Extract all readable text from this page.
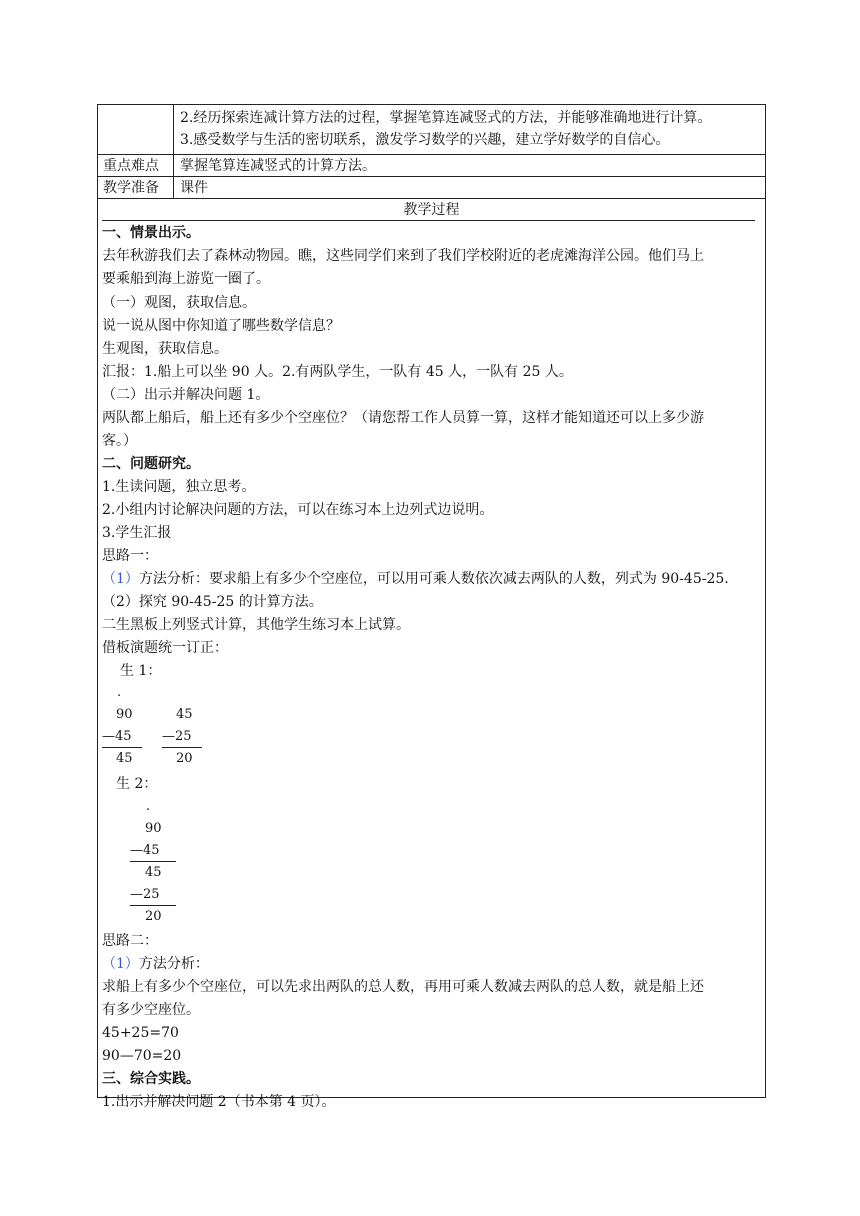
2.经历探索连减计算方法的过程，掌握笔算连减竖式的方法，并能够准确地进行计算。
3.感受数学与生活的密切联系，激发学习数学的兴趣，建立学好数学的自信心。
重点难点	掌握笔算连减竖式的计算方法。
教学准备	课件
教学过程
一、情景出示。
去年秋游我们去了森林动物园。瞧，这些同学们来到了我们学校附近的老虎滩海洋公园。他们马上
要乘船到海上游览一圈了。
（一）观图，获取信息。
说一说从图中你知道了哪些数学信息？
生观图，获取信息。
汇报：1.船上可以坐 90 人。2.有两队学生，一队有 45 人，一队有 25 人。
（二）出示并解决问题 1。
两队都上船后，船上还有多少个空座位？（请您帮工作人员算一算，这样才能知道还可以上多少游
客。）
二、问题研究。
1.生读问题，独立思考。
2.小组内讨论解决问题的方法，可以在练习本上边列式边说明。
3.学生汇报
思路一：
（1）方法分析：要求船上有多少个空座位，可以用可乘人数依次减去两队的人数，列式为 90-45-25.
（2）探究 90-45-25 的计算方法。
二生黑板上列竖式计算，其他学生练习本上试算。
借板演题统一订正：
生 1：
.
90
—45
45
45
—25
20
生 2：
.
90
—45
45
—25
20
思路二：
（1）方法分析：
求船上有多少个空座位，可以先求出两队的总人数，再用可乘人数减去两队的总人数，就是船上还
有多少空座位。
45+25=70
90—70=20
三、综合实践。
1.出示并解决问题 2（书本第 4 页）。
